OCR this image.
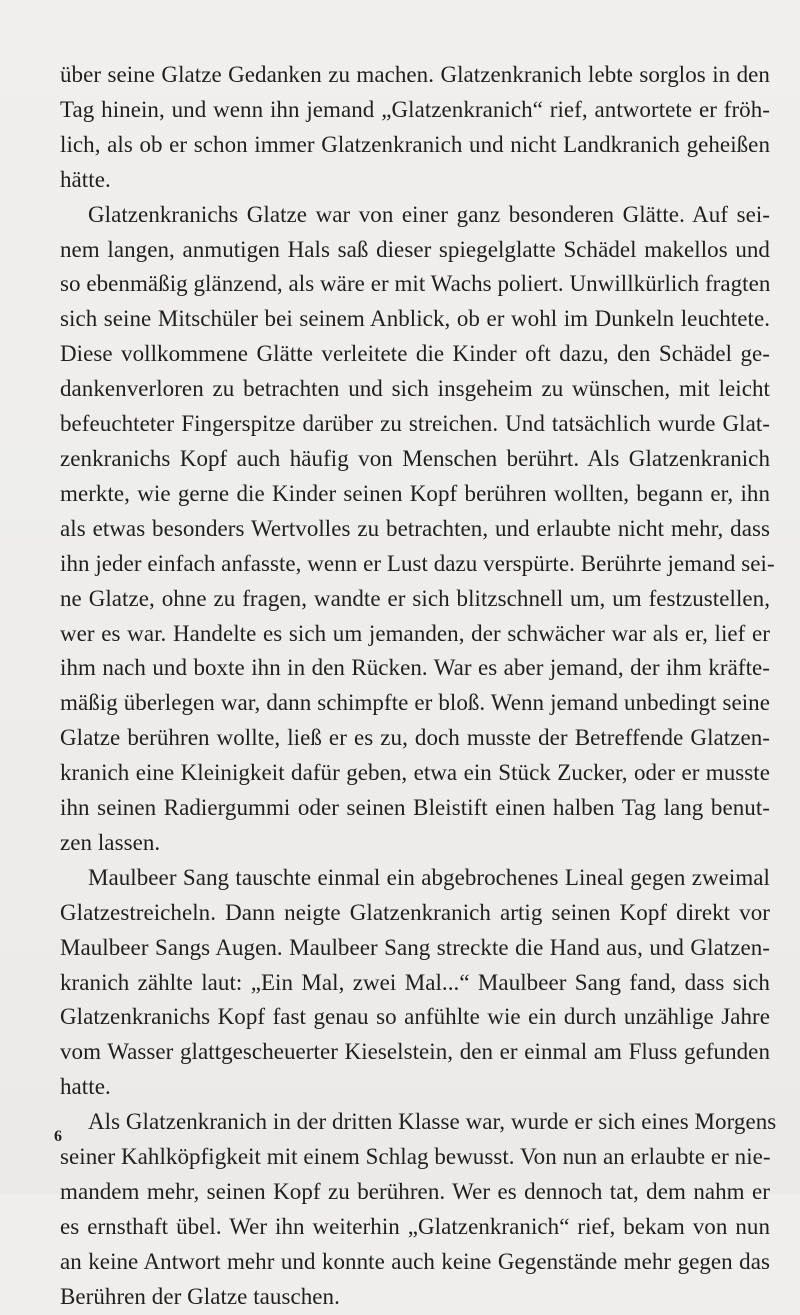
über seine Glatze Gedanken zu machen. Glatzenkranich lebte sorglos in den
Tag hinein, und wenn ihn jemand „Glatzenkranich“ rief, antwortete er fröh-
lich, als ob er schon immer Glatzenkranich und nicht Landkranich geheißen
hätte.
Glatzenkranichs Glatze war von einer ganz besonderen Glätte. Auf sei-
nem langen, anmutigen Hals saß dieser spiegelglatte Schädel makellos und
so ebenmäßig glänzend, als wäre er mit Wachs poliert. Unwillkürlich fragten
sich seine Mitschüler bei seinem Anblick, ob er wohl im Dunkeln leuchtete.
Diese vollkommene Glätte verleitete die Kinder oft dazu, den Schädel ge-
dankenverloren zu betrachten und sich insgeheim zu wünschen, mit leicht
befeuchteter Fingerspitze darüber zu streichen. Und tatsächlich wurde Glat-
zenkranichs Kopf auch häufig von Menschen berührt. Als Glatzenkranich
merkte, wie gerne die Kinder seinen Kopf berühren wollten, begann er, ihn
als etwas besonders Wertvolles zu betrachten, und erlaubte nicht mehr, dass
ihn jeder einfach anfasste, wenn er Lust dazu verspürte. Berührte jemand sei-
ne Glatze, ohne zu fragen, wandte er sich blitzschnell um, um festzustellen,
wer es war. Handelte es sich um jemanden, der schwächer war als er, lief er
ihm nach und boxte ihn in den Rücken. War es aber jemand, der ihm kräfte-
mäßig überlegen war, dann schimpfte er bloß. Wenn jemand unbedingt seine
Glatze berühren wollte, ließ er es zu, doch musste der Betreffende Glatzen-
kranich eine Kleinigkeit dafür geben, etwa ein Stück Zucker, oder er musste
ihn seinen Radiergummi oder seinen Bleistift einen halben Tag lang benut-
zen lassen.
Maulbeer Sang tauschte einmal ein abgebrochenes Lineal gegen zweimal
Glatzestreicheln. Dann neigte Glatzenkranich artig seinen Kopf direkt vor
Maulbeer Sangs Augen. Maulbeer Sang streckte die Hand aus, und Glatzen-
kranich zählte laut: „Ein Mal, zwei Mal...“ Maulbeer Sang fand, dass sich
Glatzenkranichs Kopf fast genau so anfühlte wie ein durch unzählige Jahre
vom Wasser glattgescheuerter Kieselstein, den er einmal am Fluss gefunden
hatte.
Als Glatzenkranich in der dritten Klasse war, wurde er sich eines Morgens
seiner Kahlköpfigkeit mit einem Schlag bewusst. Von nun an erlaubte er nie-
mandem mehr, seinen Kopf zu berühren. Wer es dennoch tat, dem nahm er
es ernsthaft übel. Wer ihn weiterhin „Glatzenkranich“ rief, bekam von nun
an keine Antwort mehr und konnte auch keine Gegenstände mehr gegen das
Berühren der Glatze tauschen.
6
